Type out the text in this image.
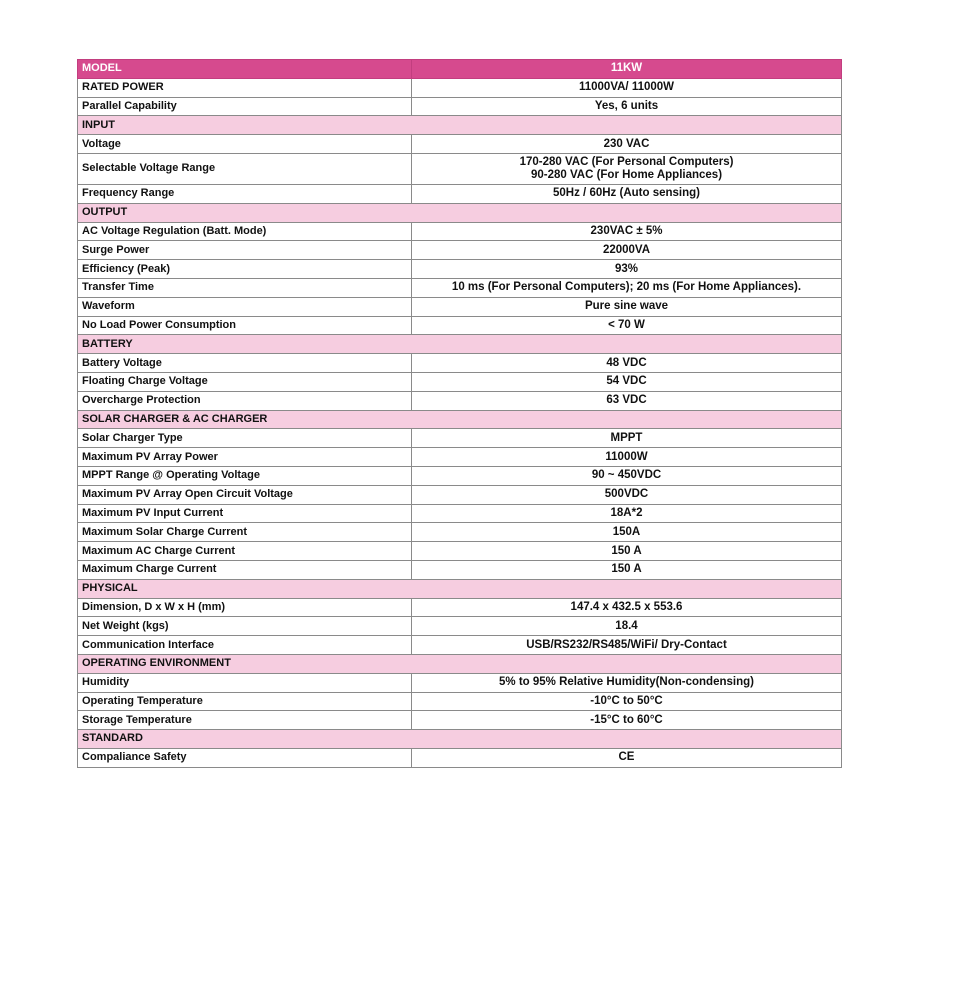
MODEL	11KW
RATED POWER	11000VA/ 11000W
Parallel Capability	Yes, 6 units
INPUT	
Voltage	230 VAC
Selectable Voltage Range	170-280 VAC (For Personal Computers)
90-280 VAC (For Home Appliances)

Frequency Range	50Hz / 60Hz (Auto sensing)
OUTPUT	
AC Voltage Regulation (Batt. Mode)	230VAC ± 5%
Surge Power	22000VA
Efficiency (Peak)	93%
Transfer Time	10 ms (For Personal Computers); 20 ms (For Home Appliances).
Waveform	Pure sine wave
No Load Power Consumption	< 70 W
BATTERY	
Battery Voltage	48 VDC
Floating Charge Voltage	54 VDC
Overcharge Protection	63 VDC
SOLAR CHARGER & AC CHARGER	
Solar Charger Type	MPPT
Maximum PV Array Power	11000W
MPPT Range @ Operating Voltage	90 ~ 450VDC
Maximum PV Array Open Circuit Voltage	500VDC
Maximum PV Input Current	18A*2
Maximum Solar Charge Current	150A
Maximum AC Charge Current	150 A
Maximum Charge Current	150 A
PHYSICAL	
Dimension, D x W x H (mm)	147.4 x 432.5 x 553.6
Net Weight (kgs)	18.4
Communication Interface	USB/RS232/RS485/WiFi/ Dry-Contact
OPERATING ENVIRONMENT	
Humidity	5% to 95% Relative Humidity(Non-condensing)
Operating Temperature	-10°C to 50°C
Storage Temperature	-15°C to 60°C
STANDARD	
Compaliance Safety	CE
